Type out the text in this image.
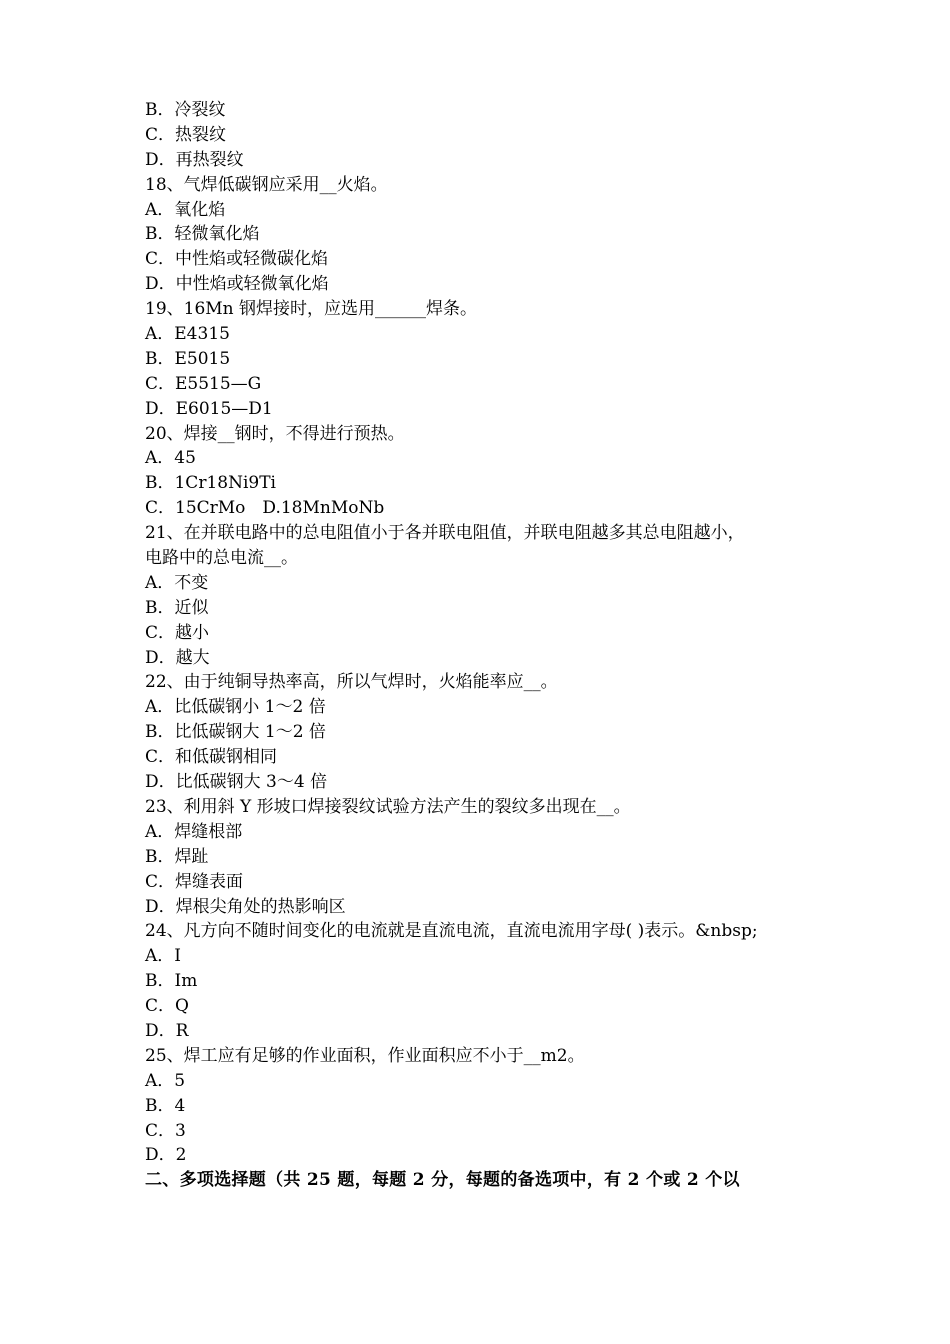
B．冷裂纹
C．热裂纹
D．再热裂纹
18、气焊低碳钢应采用__火焰。
A．氧化焰
B．轻微氧化焰
C．中性焰或轻微碳化焰
D．中性焰或轻微氧化焰
19、16Mn 钢焊接时，应选用______焊条。
A．E4315
B．E5015
C．E5515—G
D．E6015—D1
20、焊接__钢时，不得进行预热。
A．45
B．1Cr18Ni9Ti
C．15CrMo　D.18MnMoNb
21、在并联电路中的总电阻值小于各并联电阻值，并联电阻越多其总电阻越小，
电路中的总电流__。
A．不变
B．近似
C．越小
D．越大
22、由于纯铜导热率高，所以气焊时，火焰能率应__。
A．比低碳钢小 1～2 倍
B．比低碳钢大 1～2 倍
C．和低碳钢相同
D．比低碳钢大 3～4 倍
23、利用斜 Y 形坡口焊接裂纹试验方法产生的裂纹多出现在__。
A．焊缝根部
B．焊趾
C．焊缝表面
D．焊根尖角处的热影响区
24、凡方向不随时间变化的电流就是直流电流，直流电流用字母( )表示。&nbsp;
A．I
B．Im
C．Q
D．R
25、焊工应有足够的作业面积，作业面积应不小于__m2。
A．5
B．4
C．3
D．2
二、多项选择题（共 25 题，每题 2 分，每题的备选项中，有 2 个或 2 个以
